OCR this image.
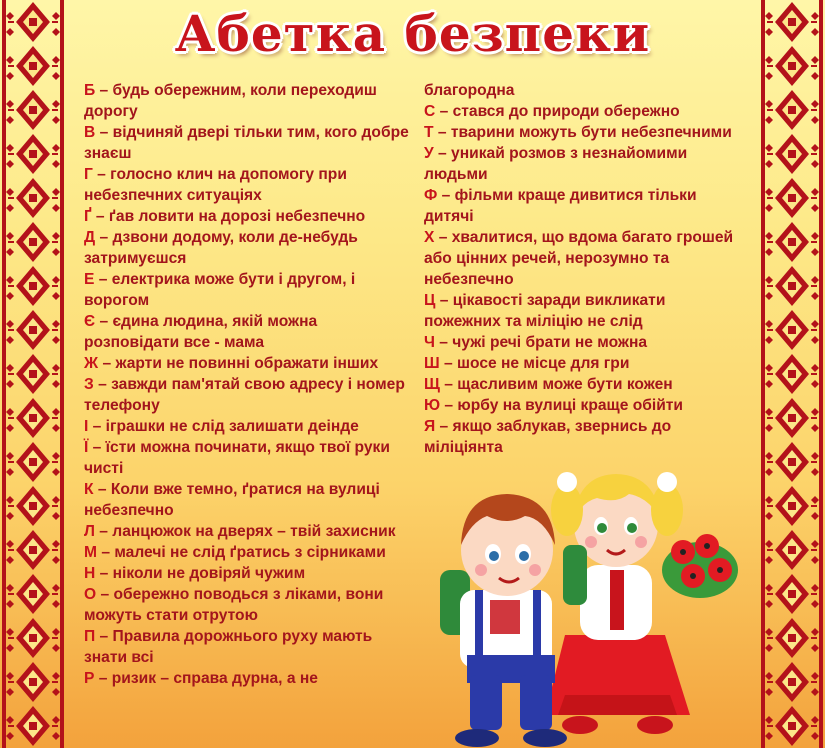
Абетка безпеки
Б – будь обережним, коли переходиш дорогу
В – відчиняй двері тільки тим, кого добре знаєш
Г – голосно клич на допомогу при небезпечних ситуаціях
Ґ – ґав ловити на дорозі небезпечно
Д – дзвони додому, коли де-небудь затримуєшся
Е – електрика може бути і другом, і ворогом
Є – єдина людина, якій можна розповідати все - мама
Ж – жарти не повинні ображати інших
З – завжди пам'ятай свою адресу і номер телефону
І – іграшки не слід залишати деінде
Ї – їсти можна починати, якщо твої руки чисті
К – Коли вже темно, ґратися на вулиці небезпечно
Л – ланцюжок на дверях – твій захисник
М – малечі не слід ґратись з сірниками
Н – ніколи не довіряй чужим
О – обережно поводься з ліками, вони можуть стати отрутою
П – Правила дорожнього руху мають знати всі
Р – ризик – справа дурна, а не
благородна
С – стався до природи обережно
Т – тварини можуть бути небезпечними
У – уникай розмов з незнайомими людьми
Ф – фільми краще дивитися тільки дитячі
Х – хвалитися, що вдома багато грошей або цінних речей, нерозумно та небезпечно
Ц – цікавості заради викликати пожежних та міліцію не слід
Ч – чужі речі брати не можна
Ш – шосе не місце для гри
Щ – щасливим може бути кожен
Ю – юрбу на вулиці краще обійти
Я – якщо заблукав, звернись до міліціянта
